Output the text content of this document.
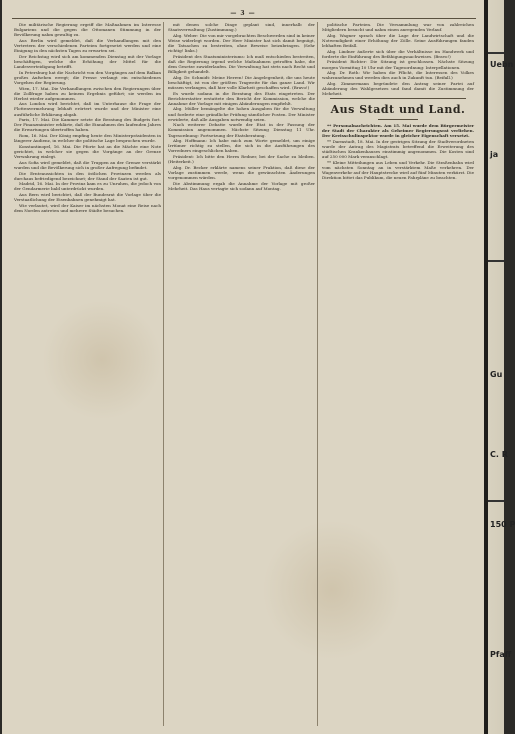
— 3 —

Die militärische Regierung ergriff die Maßnahmen im Interesse Bulgariens und die gegen die Ottomanen Stimmung in der Bevölkerung nahm gewaltig zu.

Aus Berlin wird gemeldet, daß die Verhandlungen mit den Vertretern der verschiedenen Parteien fortgesetzt werden und eine Einigung in den nächsten Tagen zu erwarten sei.

Der Reichstag wird sich am kommenden Dienstag mit der Vorlage beschäftigen, welche die Erhöhung der Mittel für die Landesverteidigung betrifft.

In Petersburg hat die Nachricht von den Vorgängen auf dem Balkan großes Aufsehen erregt; die Presse verlangt ein entschiedenes Vorgehen der Regierung.

Wien, 17. Mai. Die Verhandlungen zwischen den Regierungen über die Zollfrage haben zu keinem Ergebnis geführt; sie werden im Herbst wieder aufgenommen.

Aus London wird berichtet, daß im Unterhause die Frage der Flottenvermehrung lebhaft erörtert wurde und der Minister eine ausführliche Erklärung abgab.

Paris, 17. Mai. Die Kammer setzte die Beratung des Budgets fort. Der Finanzminister erklärte, daß die Einnahmen des laufenden Jahres die Erwartungen übertroffen haben.

Rom, 16. Mai. Der König empfing heute den Ministerpräsidenten in längerer Audienz, in welcher die politische Lage besprochen wurde.

Konstantinopel, 16. Mai. Die Pforte hat an die Mächte eine Note gerichtet, in welcher sie gegen die Vorgänge an der Grenze Verwahrung einlegt.

Aus Sofia wird gemeldet, daß die Truppen an der Grenze verstärkt wurden und die Bevölkerung sich in großer Aufregung befindet.

Die Ernteaussichten in den östlichen Provinzen werden als durchaus befriedigend bezeichnet; der Stand der Saaten ist gut.

Madrid, 16. Mai. In der Provinz kam es zu Unruhen, die jedoch von der Gendarmerie bald unterdrückt wurden.

Aus Bern wird berichtet, daß der Bundesrat die Vorlage über die Verstaatlichung der Eisenbahnen genehmigt hat.

Wie verlautet, wird der Kaiser im nächsten Monat eine Reise nach dem Norden antreten und mehrere Städte besuchen.

mit denen solche Dinge geplant sind, innerhalb der Staatsverwaltung (Zustimmung.)

Abg. Weber: Die von mir vorgebrachten Beschwerden sind in keiner Weise widerlegt worden. Der Herr Minister hat sich damit begnügt, die Tatsachen zu bestreiten, ohne Beweise beizubringen. (Sehr richtig! links.)

Präsident des Staatsministeriums: Ich muß entschieden bestreiten, daß die Regierung irgend welche Maßnahmen getroffen habe, die dem Gesetze zuwiderlaufen. Die Verwaltung hat stets nach Recht und Billigkeit gehandelt.

Abg. Dr. Schmidt: Meine Herren! Die Angelegenheit, die uns heute beschäftigt, ist von der größten Tragweite für das ganze Land. Wir müssen verlangen, daß hier volle Klarheit geschaffen wird. (Bravo!)

Es wurde sodann in die Beratung des Etats eingetreten. Der Berichterstatter erstattete den Bericht der Kommission, welche die Annahme der Vorlage mit einigen Abänderungen empfiehlt.

Abg. Müller bemängelte die hohen Ausgaben für die Verwaltung und forderte eine gründliche Prüfung sämtlicher Posten. Der Minister erwiderte, daß alle Ausgaben notwendig seien.

Nach weiterer Debatte wurde der Etat in der Fassung der Kommission angenommen. Nächste Sitzung Dienstag 11 Uhr. Tagesordnung: Fortsetzung der Etatsberatung.

Abg. Hoffmann: Ich habe mich zum Worte gemeldet, um einige Irrtümer richtig zu stellen, die sich in die Ausführungen des Vorredners eingeschlichen haben.

Präsident: Ich bitte den Herrn Redner, bei der Sache zu bleiben. (Heiterkeit.)

Abg. Dr. Becker erklärte namens seiner Fraktion, daß diese der Vorlage zustimmen werde, wenn die gewünschten Änderungen vorgenommen würden.

Die Abstimmung ergab die Annahme der Vorlage mit großer Mehrheit. Das Haus vertagte sich sodann auf Montag.

politische Parteien. Die Versammlung war von zahlreichen Mitgliedern besucht und nahm einen anregenden Verlauf.

Abg. Wagner sprach über die Lage der Landwirtschaft und die Notwendigkeit einer Erhöhung der Zölle. Seine Ausführungen fanden lebhaften Beifall.

Abg. Lindner äußerte sich über die Verhältnisse im Handwerk und forderte die Einführung des Befähigungsnachweises. (Bravo!)

Präsident Richter: Die Sitzung ist geschlossen. Nächste Sitzung morgen Vormittag 10 Uhr mit der Tagesordnung: Interpellationen.

Abg. Dr. Roth: Wir haben die Pflicht, die Interessen des Volkes wahrzunehmen und werden dies auch in Zukunft tun. (Beifall.)

Abg. Zimmermann begründete den Antrag seiner Partei auf Abänderung des Wahlgesetzes und fand damit die Zustimmung der Mehrheit.

Aus Stadt und Land.

** Personalnachrichten. Am 15. Mai wurde dem Bürgermeister der Stadt der Charakter als Geheimer Regierungsrat verliehen. Der Kreisschulinspektor wurde in gleicher Eigenschaft versetzt.

** Darmstadt, 18. Mai. In der gestrigen Sitzung der Stadtverordneten wurde der Antrag des Magistrats betreffend die Erweiterung des städtischen Krankenhauses einstimmig angenommen. Die Kosten sind auf 250 000 Mark veranschlagt.

** Kleine Mitteilungen aus Leben und Verkehr. Die Straßenbahn wird vom nächsten Sonntag an in verstärktem Maße verkehren. Der Wagenverkehr auf der Hauptstrecke wird auf fünf Minuten verkürzt. Die Direktion bittet das Publikum, die neuen Fahrpläne zu beachten.

Uebn
ja
Gu
C. R
150 P
Pfaff
